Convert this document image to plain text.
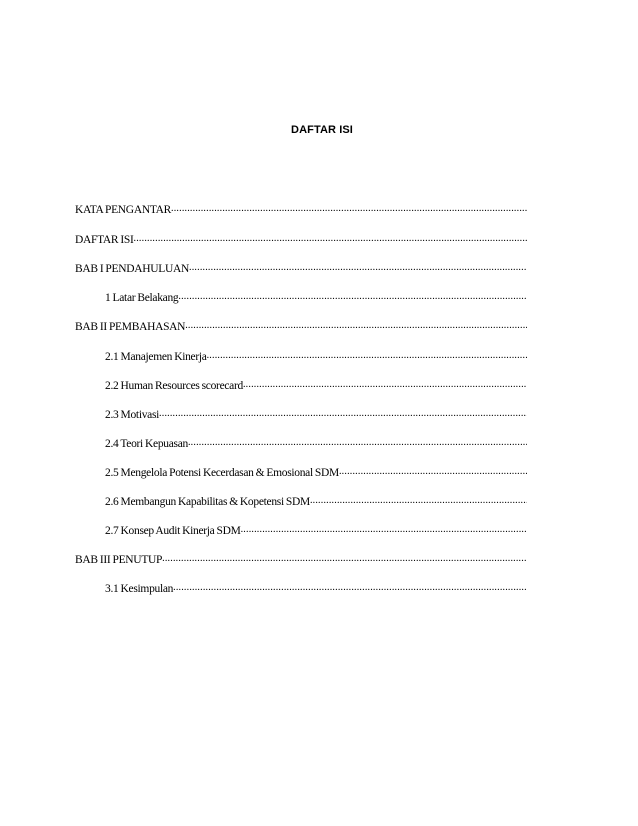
DAFTAR ISI
KATA PENGANTAR
.....
DAFTAR ISI
.....
BAB I PENDAHULUAN
.....
1 Latar Belakang
.....
BAB II PEMBAHASAN
.....
2.1 Manajemen Kinerja
.....
2.2 Human Resources scorecard
.....
2.3 Motivasi
.....
2.4 Teori Kepuasan
.....
2.5 Mengelola Potensi Kecerdasan & Emosional SDM
.....
2.6 Membangun Kapabilitas & Kopetensi SDM
.....
2.7 Konsep Audit Kinerja SDM
.....
BAB III PENUTUP
.....
3.1 Kesimpulan
.....
